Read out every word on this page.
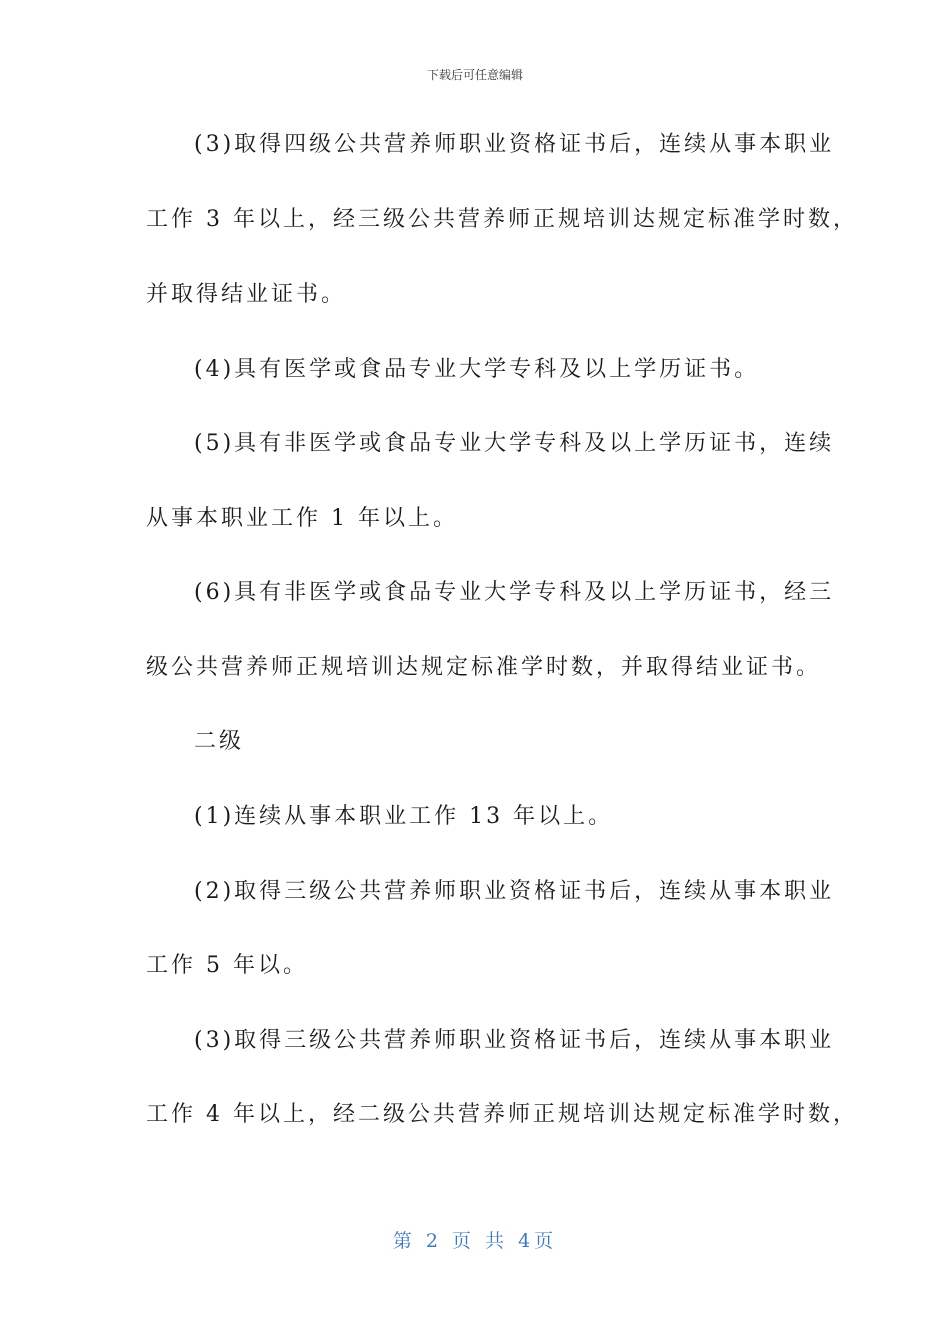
下载后可任意编辑
(3)取得四级公共营养师职业资格证书后，连续从事本职业
工作 3 年以上，经三级公共营养师正规培训达规定标准学时数，
并取得结业证书。
(4)具有医学或食品专业大学专科及以上学历证书。
(5)具有非医学或食品专业大学专科及以上学历证书，连续
从事本职业工作 1 年以上。
(6)具有非医学或食品专业大学专科及以上学历证书，经三
级公共营养师正规培训达规定标准学时数，并取得结业证书。
二级
(1)连续从事本职业工作 13 年以上。
(2)取得三级公共营养师职业资格证书后，连续从事本职业
工作 5 年以。
(3)取得三级公共营养师职业资格证书后，连续从事本职业
工作 4 年以上，经二级公共营养师正规培训达规定标准学时数，
第 2 页 共 4页
